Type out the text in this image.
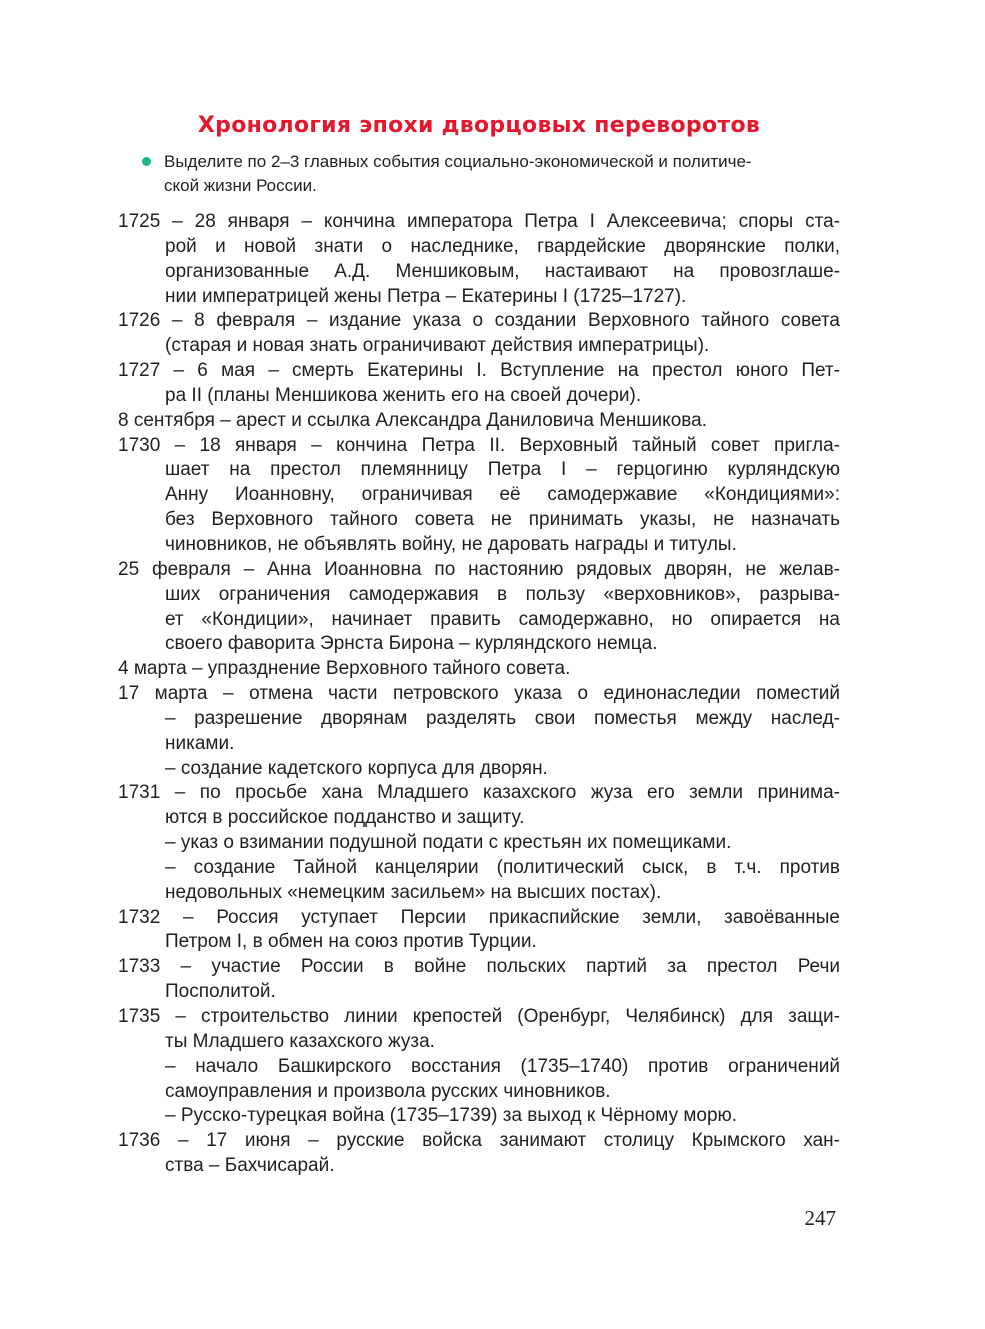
Хронология эпохи дворцовых переворотов
Выделите по 2–3 главных события социально-экономической и политиче-
ской жизни России.
1725 – 28 января – кончина императора Петра I Алексеевича; споры ста-
рой и новой знати о наследнике, гвардейские дворянские полки,
организованные А.Д. Меншиковым, настаивают на провозглаше-
нии императрицей жены Петра – Екатерины I (1725–1727).
1726 – 8 февраля – издание указа о создании Верховного тайного совета
(старая и новая знать ограничивают действия императрицы).
1727 – 6 мая – смерть Екатерины I. Вступление на престол юного Пет-
ра II (планы Меншикова женить его на своей дочери).
8 сентября – арест и ссылка Александра Даниловича Меншикова.
1730 – 18 января – кончина Петра II. Верховный тайный совет пригла-
шает на престол племянницу Петра I – герцогиню курляндскую
Анну Иоанновну, ограничивая её самодержавие «Кондициями»:
без Верховного тайного совета не принимать указы, не назначать
чиновников, не объявлять войну, не даровать награды и титулы.
25 февраля – Анна Иоанновна по настоянию рядовых дворян, не желав-
ших ограничения самодержавия в пользу «верховников», разрыва-
ет «Кондиции», начинает править самодержавно, но опирается на
своего фаворита Эрнста Бирона – курляндского немца.
4 марта – упразднение Верховного тайного совета.
17 марта – отмена части петровского указа о единонаследии поместий
– разрешение дворянам разделять свои поместья между наслед-
никами.
– создание кадетского корпуса для дворян.
1731 – по просьбе хана Младшего казахского жуза его земли принима-
ются в российское подданство и защиту.
– указ о взимании подушной подати с крестьян их помещиками.
– создание Тайной канцелярии (политический сыск, в т.ч. против
недовольных «немецким засильем» на высших постах).
1732 – Россия уступает Персии прикаспийские земли, завоёванные
Петром I, в обмен на союз против Турции.
1733 – участие России в войне польских партий за престол Речи
Посполитой.
1735 – строительство линии крепостей (Оренбург, Челябинск) для защи-
ты Младшего казахского жуза.
– начало Башкирского восстания (1735–1740) против ограничений
самоуправления и произвола русских чиновников.
– Русско-турецкая война (1735–1739) за выход к Чёрному морю.
1736 – 17 июня – русские войска занимают столицу Крымского хан-
ства – Бахчисарай.
247
